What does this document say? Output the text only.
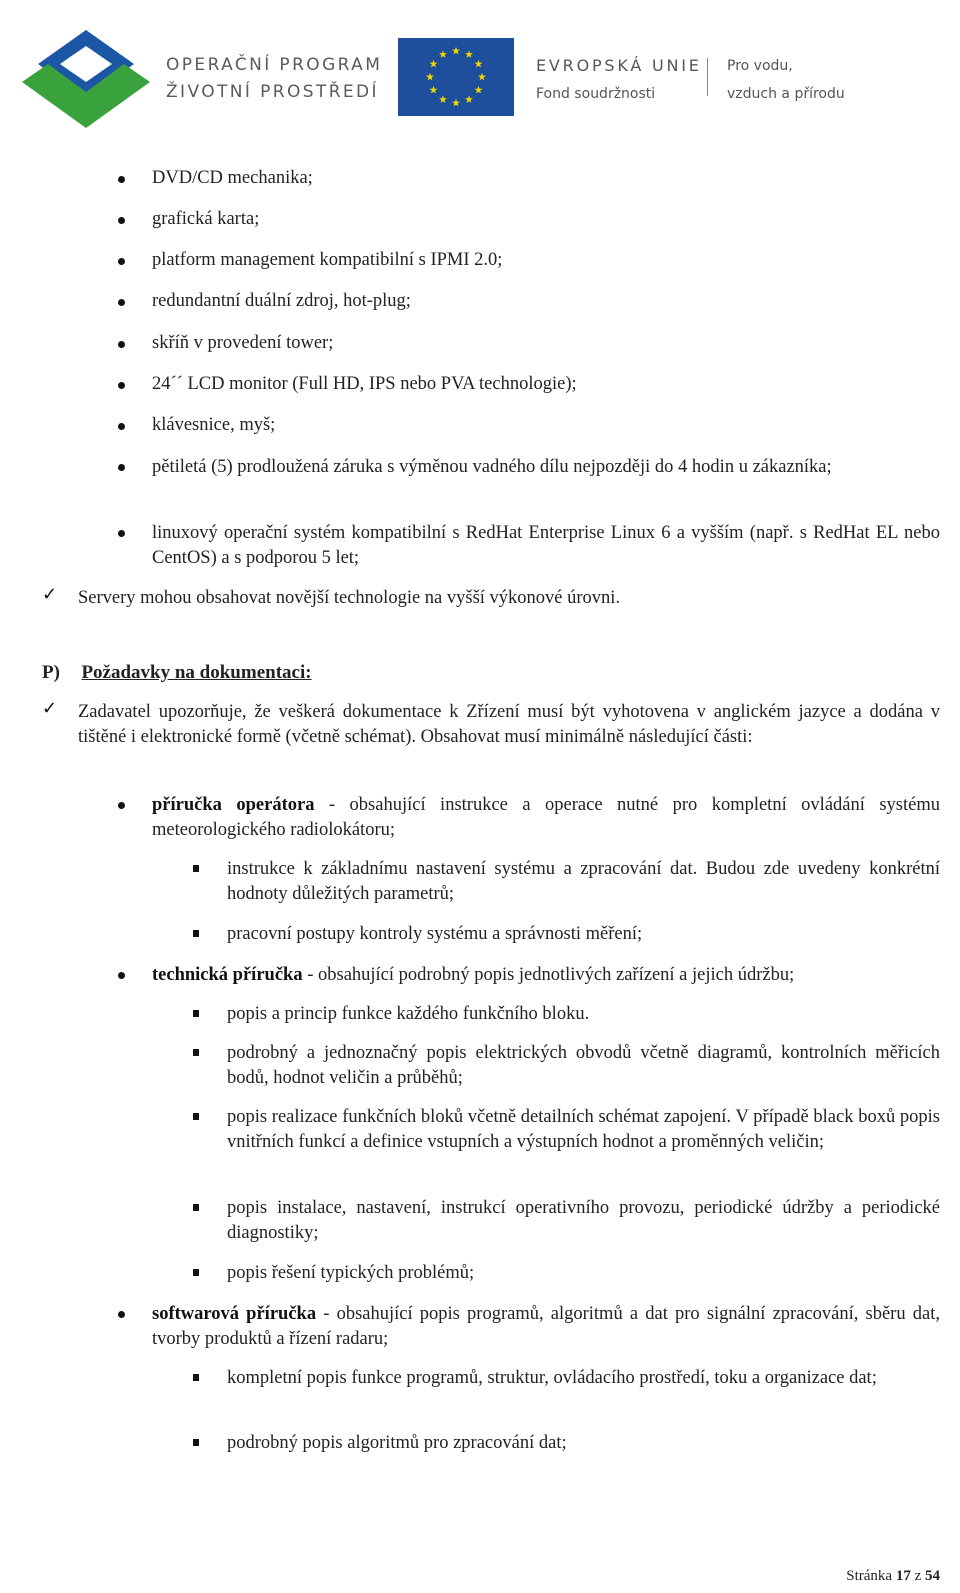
OPERAČNÍ PROGRAM
ŽIVOTNÍ PROSTŘEDÍ
EVROPSKÁ UNIE
Fond soudržnosti
Pro vodu,
vzduch a přírodu
DVD/CD mechanika;
grafická karta;
platform management kompatibilní s IPMI 2.0;
redundantní duální zdroj, hot-plug;
skříň v provedení tower;
24´´ LCD monitor (Full HD, IPS nebo PVA technologie);
klávesnice, myš;
pětiletá (5) prodloužená záruka s výměnou vadného dílu nejpozději do 4 hodin u zákazníka;
linuxový operační systém kompatibilní s RedHat Enterprise Linux 6 a vyšším (např. s RedHat EL nebo CentOS) a s podporou 5 let;
✓ Servery mohou obsahovat novější technologie na vyšší výkonové úrovni.
P) Požadavky na dokumentaci:
✓ Zadavatel upozorňuje, že veškerá dokumentace k Zřízení musí být vyhotovena v anglickém jazyce a dodána v tištěné i elektronické formě (včetně schémat). Obsahovat musí minimálně následující části:
příručka operátora - obsahující instrukce a operace nutné pro kompletní ovládání systému meteorologického radiolokátoru;
instrukce k základnímu nastavení systému a zpracování dat. Budou zde uvedeny konkrétní hodnoty důležitých parametrů;
pracovní postupy kontroly systému a správnosti měření;
technická příručka - obsahující podrobný popis jednotlivých zařízení a jejich údržbu;
popis a princip funkce každého funkčního bloku.
podrobný a jednoznačný popis elektrických obvodů včetně diagramů, kontrolních měřicích bodů, hodnot veličin a průběhů;
popis realizace funkčních bloků včetně detailních schémat zapojení. V případě black boxů popis vnitřních funkcí a definice vstupních a výstupních hodnot a proměnných veličin;
popis instalace, nastavení, instrukcí operativního provozu, periodické údržby a periodické diagnostiky;
popis řešení typických problémů;
softwarová příručka - obsahující popis programů, algoritmů a dat pro signální zpracování, sběru dat, tvorby produktů a řízení radaru;
kompletní popis funkce programů, struktur, ovládacího prostředí, toku a organizace dat;
podrobný popis algoritmů pro zpracování dat;
Stránka 17 z 54
